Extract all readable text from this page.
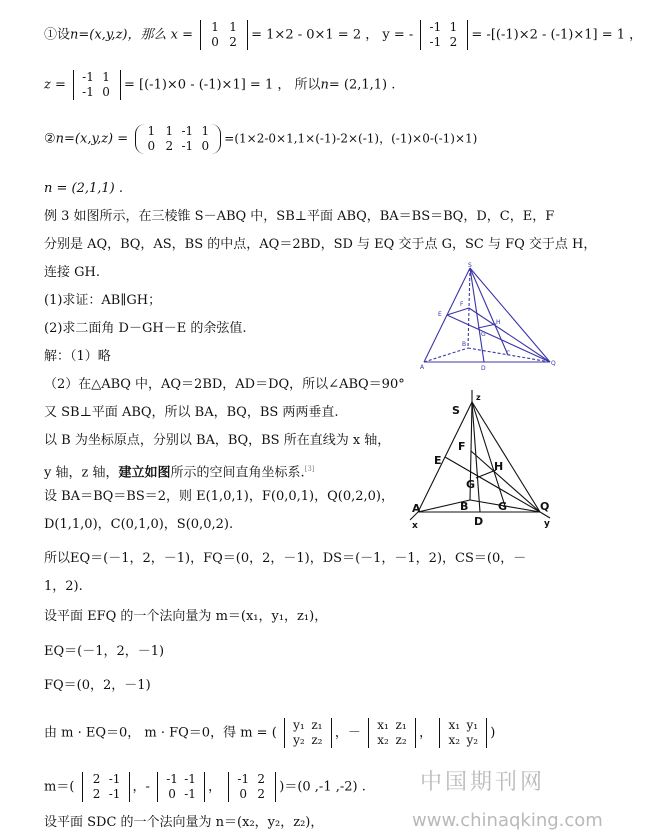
①设n=(x,y,z)，那么 x = 1 1
0 2 = 1×2 - 0×1 = 2 ， y = - -1 1
-1 2 = -[(-1)×2 - (-1)×1] = 1 ，
z = -1 1
-1 0 = [(-1)×0 - (-1)×1] = 1 ， 所以n= (2,1,1) .
②n=(x,y,z) = 1 1 -1 1
0 2 -1 0=(1×2-0×1,1×(-1)-2×(-1)，(-1)×0-(-1)×1)
n = (2,1,1) .
例 3 如图所示，在三棱锥 S－ABQ 中，SB⊥平面 ABQ，BA＝BS＝BQ，D，C，E，F
分别是 AQ，BQ，AS，BS 的中点，AQ＝2BD，SD 与 EQ 交于点 G，SC 与 FQ 交于点 H，
连接 GH.
(1)求证：AB∥GH；
(2)求二面角 D－GH－E 的余弦值.
解：（1）略
（2）在△ABQ 中，AQ＝2BD，AD＝DQ，所以∠ABQ＝90°
又 SB⊥平面 ABQ，所以 BA，BQ，BS 两两垂直.
以 B 为坐标原点，分别以 BA，BQ，BS 所在直线为 x 轴，
y 轴，z 轴，建立如图所示的空间直角坐标系.[3]
设 BA＝BQ＝BS＝2，则 E(1,0,1)，F(0,0,1)，Q(0,2,0)，
D(1,1,0)，C(0,1,0)，S(0,0,2).
所以EQ＝(－1，2，－1)，FQ＝(0，2，－1)，DS＝(－1，－1，2)，CS＝(0，－
1，2).
设平面 EFQ 的一个法向量为 m＝(x₁，y₁，z₁)，
EQ＝(－1，2，－1)
FQ＝(0，2，－1)
由 m · EQ＝0， m · FQ＝0，得 m = ( y₁ z₁
y₂ z₂ ，－ x₁ z₁
x₂ z₂ ， x₁ y₁
x₂ y₂ )
m＝( 2 -1
2 -1 ，- -1 -1
0 -1 ， -1 2
0 2 )＝(0 ,-1 ,-2) .
设平面 SDC 的一个法向量为 n＝(x₂，y₂，z₂)，
S
F
E
H
G
B
C
A	D
Q
S
z
F
E	H
G
B	G
A
D
Q
x	y
中国期刊网
www.chinaqking.com
